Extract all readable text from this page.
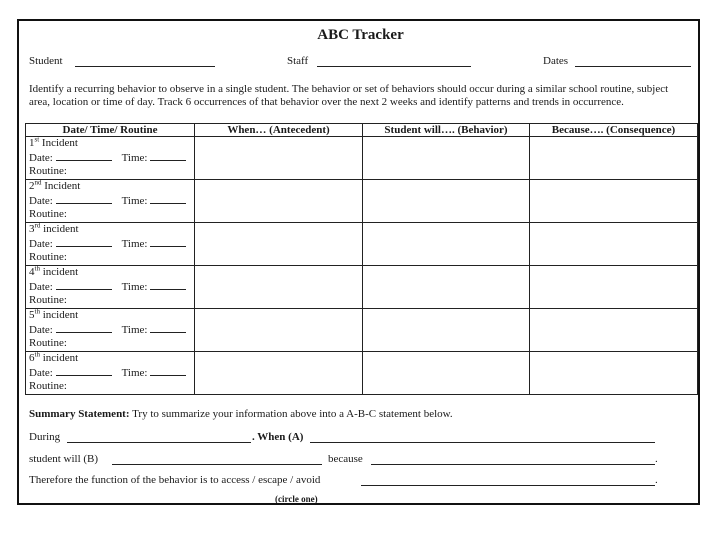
ABC Tracker
Student	Staff	Dates
Identify a recurring behavior to observe in a single student. The behavior or set of behaviors should occur during a similar school routine, subject area, location or time of day. Track 6 occurrences of that behavior over the next 2 weeks and identify patterns and trends in occurrence.
Date/ Time/ Routine	When… (Antecedent)	Student will…. (Behavior)	Because…. (Consequence)

1st Incident
Date: Time:
Routine:			

2nd Incident
Date: Time:
Routine:			

3rd incident
Date: Time:
Routine:			

4th incident
Date: Time:
Routine:			

5th incident
Date: Time:
Routine:			

6th incident
Date: Time:
Routine:			

Summary Statement: Try to summarize your information above into a A-B-C statement below.
During	. When (A)
student will (B)	because	.
Therefore the function of the behavior is to access / escape / avoid	.
(circle one)
